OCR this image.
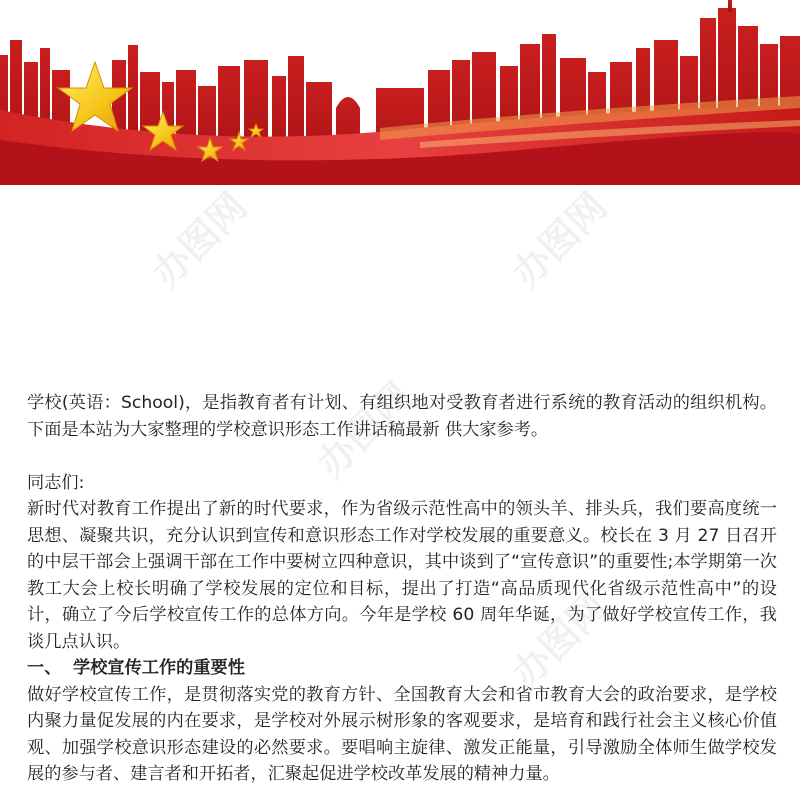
办图网	办图网
办图网
办图网

学校(英语：School)，是指教育者有计划、有组织地对受教育者进行系统的教育活动的组织机构。下面是本站为大家整理的学校意识形态工作讲话稿最新 供大家参考。

同志们:

新时代对教育工作提出了新的时代要求，作为省级示范性高中的领头羊、排头兵，我们要高度统一思想、凝聚共识，充分认识到宣传和意识形态工作对学校发展的重要意义。校长在 3 月 27 日召开的中层干部会上强调干部在工作中要树立四种意识，其中谈到了“宣传意识”的重要性;本学期第一次教工大会上校长明确了学校发展的定位和目标，提出了打造“高品质现代化省级示范性高中”的设计，确立了今后学校宣传工作的总体方向。今年是学校 60 周年华诞，为了做好学校宣传工作，我谈几点认识。

一、 学校宣传工作的重要性

做好学校宣传工作，是贯彻落实党的教育方针、全国教育大会和省市教育大会的政治要求，是学校内聚力量促发展的内在要求，是学校对外展示树形象的客观要求，是培育和践行社会主义核心价值观、加强学校意识形态建设的必然要求。要唱响主旋律、激发正能量，引导激励全体师生做学校发展的参与者、建言者和开拓者，汇聚起促进学校改革发展的精神力量。
